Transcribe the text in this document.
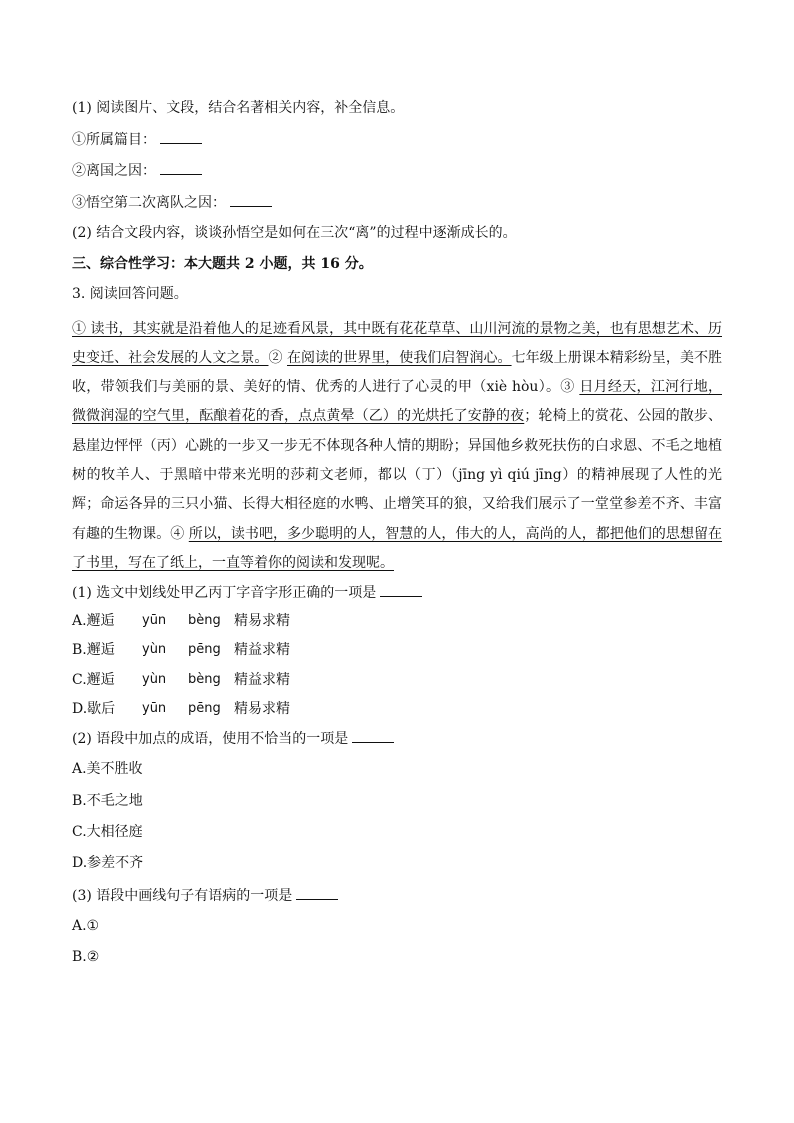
(1) 阅读图片、文段，结合名著相关内容，补全信息。
①所属篇目：
②离国之因：
③悟空第二次离队之因：
(2) 结合文段内容，谈谈孙悟空是如何在三次“离”的过程中逐渐成长的。
三、综合性学习：本大题共 2 小题，共 16 分。
3. 阅读回答问题。
① 读书，其实就是沿着他人的足迹看风景，其中既有花花草草、山川河流的景物之美，也有思想艺术、历史变迁、社会发展的人文之景。② 在阅读的世界里，使我们启智润心。七年级上册课本精彩纷呈，美不胜收，带领我们与美丽的景、美好的情、优秀的人进行了心灵的甲（xiè hòu）。③ 日月经天，江河行地，微微润湿的空气里，酝酿着花的香，点点黄晕（乙）的光烘托了安静的夜；轮椅上的赏花、公园的散步、悬崖边怦怦（丙）心跳的一步又一步无不体现各种人情的期盼；异国他乡救死扶伤的白求恩、不毛之地植树的牧羊人、于黑暗中带来光明的莎莉文老师，都以（丁）（jīng yì qiú jīng）的精神展现了人性的光辉；命运各异的三只小猫、长得大相径庭的水鸭、止增笑耳的狼，又给我们展示了一堂堂参差不齐、丰富有趣的生物课。④ 所以，读书吧，多少聪明的人，智慧的人，伟大的人，高尚的人，都把他们的思想留在了书里，写在了纸上，一直等着你的阅读和发现呢。
(1) 选文中划线处甲乙丙丁字音字形正确的一项是
A.邂逅	yūn	bèng 精易求精
B.邂逅	yùn	pēng 精益求精
C.邂逅	yùn	bèng 精益求精
D.歇后	yūn	pēng 精易求精
(2) 语段中加点的成语，使用不恰当的一项是
A.美不胜收
B.不毛之地
C.大相径庭
D.参差不齐
(3) 语段中画线句子有语病的一项是
A.①
B.②
